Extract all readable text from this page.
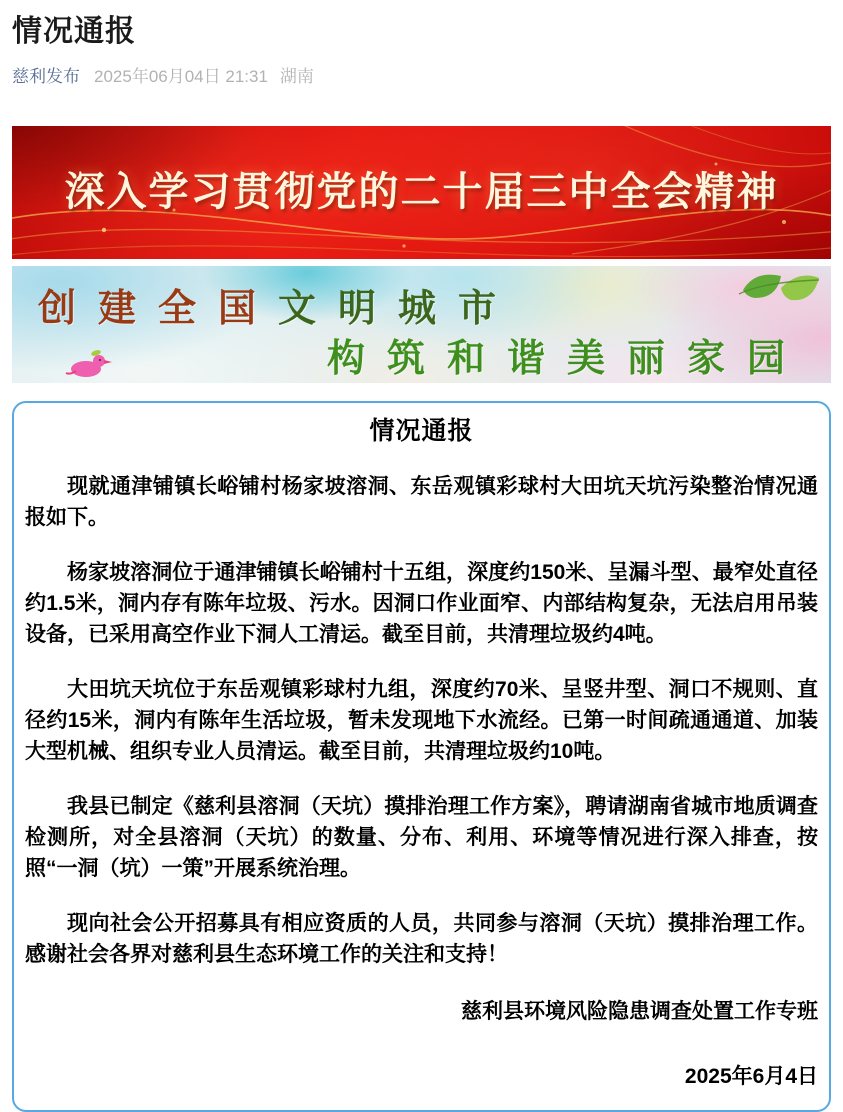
情况通报
慈利发布 2025年06月04日 21:31 湖南
深入学习贯彻党的二十届三中全会精神
创建全国文明城市
构筑和谐美丽家园
情况通报

现就通津铺镇长峪铺村杨家坡溶洞、东岳观镇彩球村大田坑天坑污染整治情况通报如下。

杨家坡溶洞位于通津铺镇长峪铺村十五组，深度约150米、呈漏斗型、最窄处直径约1.5米，洞内存有陈年垃圾、污水。因洞口作业面窄、内部结构复杂，无法启用吊装设备，已采用高空作业下洞人工清运。截至目前，共清理垃圾约4吨。

大田坑天坑位于东岳观镇彩球村九组，深度约70米、呈竖井型、洞口不规则、直径约15米，洞内有陈年生活垃圾，暂未发现地下水流经。已第一时间疏通通道、加装大型机械、组织专业人员清运。截至目前，共清理垃圾约10吨。

我县已制定《慈利县溶洞（天坑）摸排治理工作方案》，聘请湖南省城市地质调查检测所，对全县溶洞（天坑）的数量、分布、利用、环境等情况进行深入排查，按照“一洞（坑）一策”开展系统治理。

现向社会公开招募具有相应资质的人员，共同参与溶洞（天坑）摸排治理工作。感谢社会各界对慈利县生态环境工作的关注和支持！

慈利县环境风险隐患调查处置工作专班

2025年6月4日
